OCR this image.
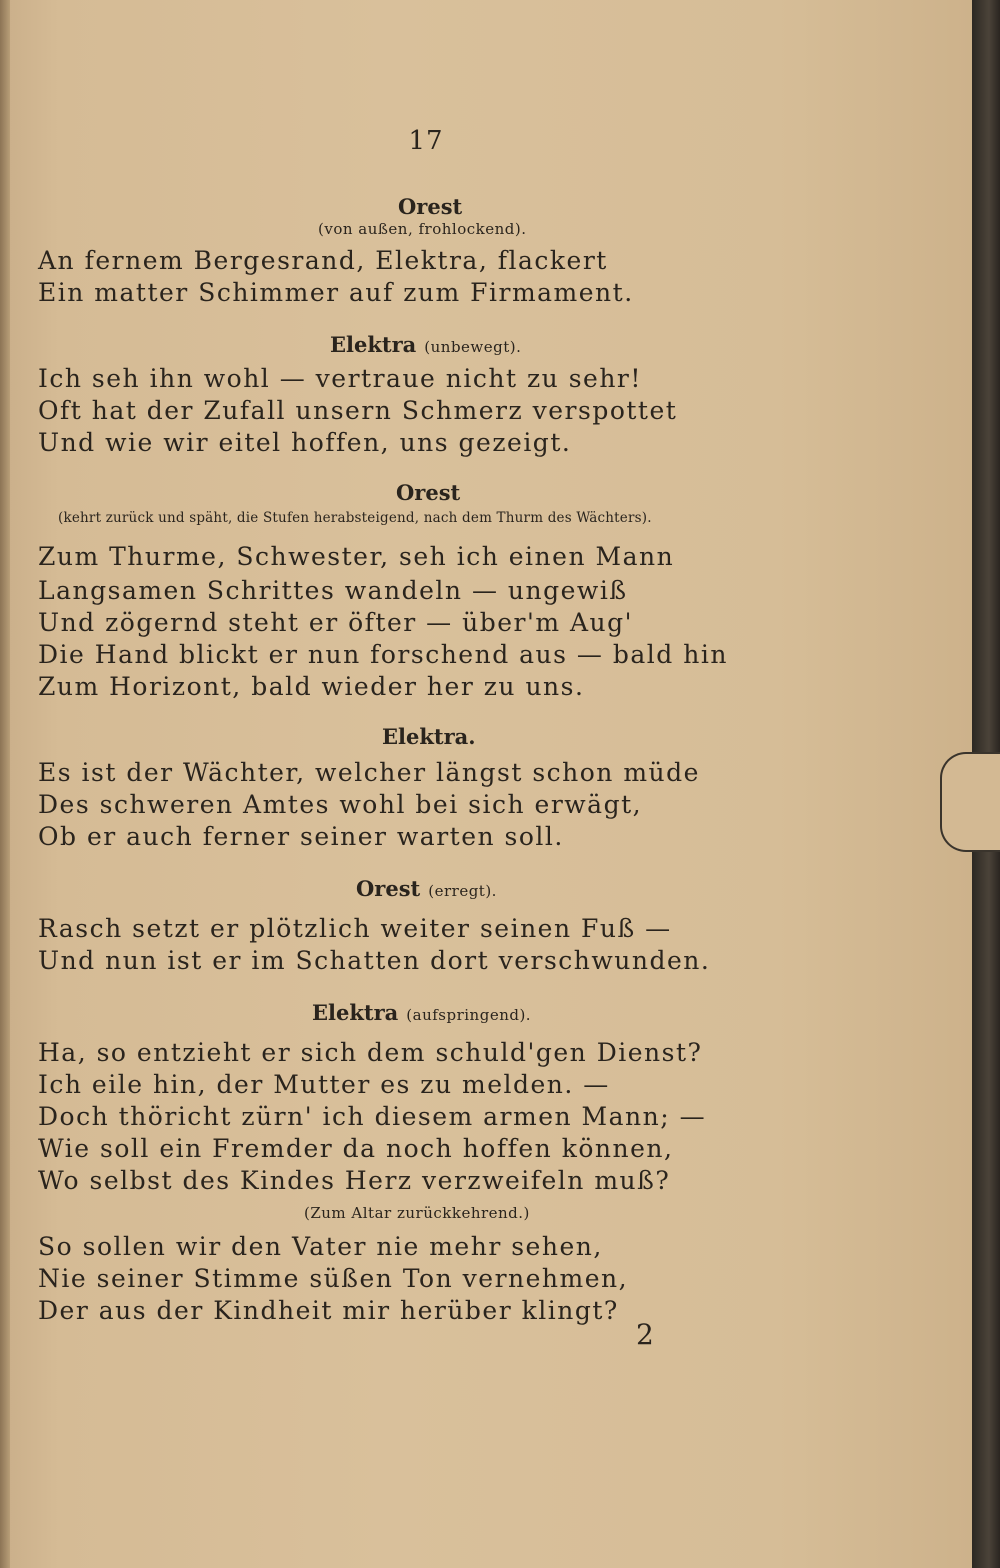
17
Orest
(von außen, frohlockend).
An fernem Bergesrand, Elektra, flackert
Ein matter Schimmer auf zum Firmament.
Elektra (unbewegt).
Ich seh ihn wohl — vertraue nicht zu sehr!
Oft hat der Zufall unsern Schmerz verspottet
Und wie wir eitel hoffen, uns gezeigt.
Orest
(kehrt zurück und späht, die Stufen herabsteigend, nach dem Thurm des Wächters).
Zum Thurme, Schwester, seh ich einen Mann
Langsamen Schrittes wandeln — ungewiß
Und zögernd steht er öfter — über'm Aug'
Die Hand blickt er nun forschend aus — bald hin
Zum Horizont, bald wieder her zu uns.
Elektra.
Es ist der Wächter, welcher längst schon müde
Des schweren Amtes wohl bei sich erwägt,
Ob er auch ferner seiner warten soll.
Orest (erregt).
Rasch setzt er plötzlich weiter seinen Fuß —
Und nun ist er im Schatten dort verschwunden.
Elektra (aufspringend).
Ha, so entzieht er sich dem schuld'gen Dienst?
Ich eile hin, der Mutter es zu melden. —
Doch thöricht zürn' ich diesem armen Mann; —
Wie soll ein Fremder da noch hoffen können,
Wo selbst des Kindes Herz verzweifeln muß?
(Zum Altar zurückkehrend.)
So sollen wir den Vater nie mehr sehen,
Nie seiner Stimme süßen Ton vernehmen,
Der aus der Kindheit mir herüber klingt?
2
